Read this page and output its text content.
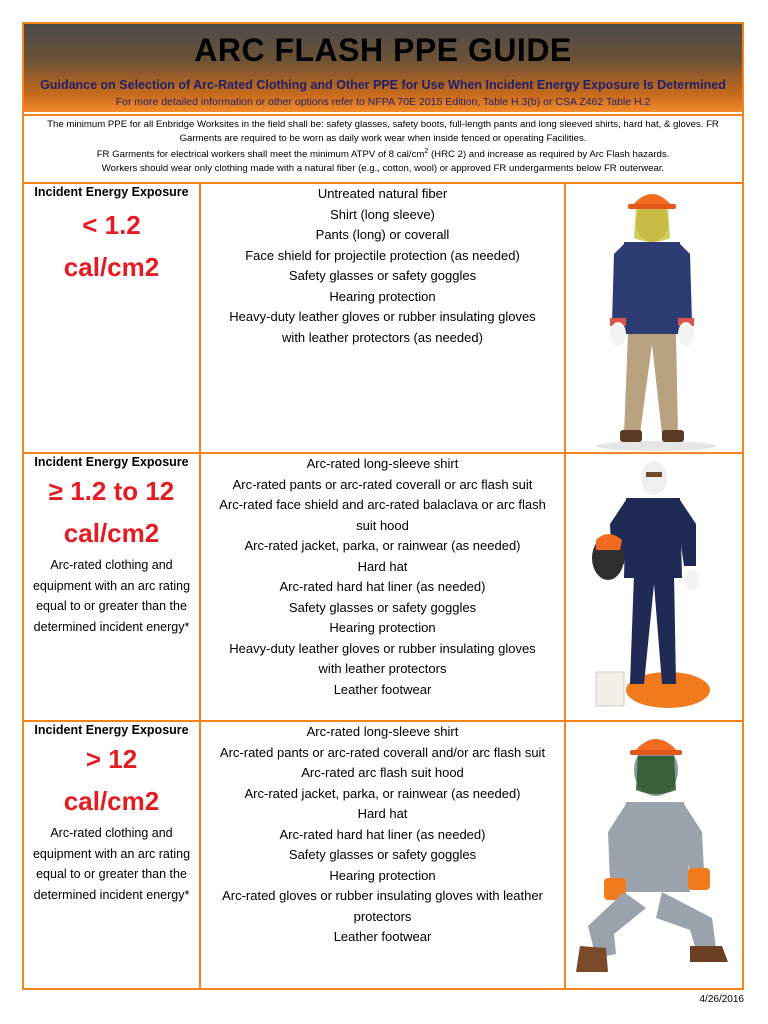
ARC FLASH PPE GUIDE
Guidance on Selection of Arc-Rated Clothing and Other PPE for Use When Incident Energy Exposure Is Determined
For more detailed information or other options refer to NFPA 70E 2015 Edition, Table H.3(b) or CSA Z462 Table H.2
The minimum PPE for all Enbridge Worksites in the field shall be: safety glasses, safety boots, full-length pants and long sleeved shirts, hard hat, & gloves. FR Garments are required to be worn as daily work wear when inside fenced or operating Facilities.
FR Garments for electrical workers shall meet the minimum ATPV of 8 cal/$cm^2$ (HRC 2) and increase as required by Arc Flash hazards.
Workers should wear only clothing made with a natural fiber (e.g., cotton, wool) or approved FR undergarments below FR outerwear.
Incident Energy Exposure
< 1.2
cal/cm2
Untreated natural fiber
Shirt (long sleeve)
Pants (long) or coverall
Face shield for projectile protection (as needed)
Safety glasses or safety goggles
Hearing protection
Heavy-duty leather gloves or rubber insulating gloves
with leather protectors (as needed)
Incident Energy Exposure
≥ 1.2 to 12
cal/cm2
Arc-rated clothing and equipment with an arc rating equal to or greater than the determined incident energy*
Arc-rated long-sleeve shirt
Arc-rated pants or arc-rated coverall or arc flash suit
Arc-rated face shield and arc-rated balaclava or arc flash
suit hood
Arc-rated jacket, parka, or rainwear (as needed)
Hard hat
Arc-rated hard hat liner (as needed)
Safety glasses or safety goggles
Hearing protection
Heavy-duty leather gloves or rubber insulating gloves
with leather protectors
Leather footwear
Incident Energy Exposure
> 12
cal/cm2
Arc-rated clothing and equipment with an arc rating equal to or greater than the determined incident energy*
Arc-rated long-sleeve shirt
Arc-rated pants or arc-rated coverall and/or arc flash suit
Arc-rated arc flash suit hood
Arc-rated jacket, parka, or rainwear (as needed)
Hard hat
Arc-rated hard hat liner (as needed)
Safety glasses or safety goggles
Hearing protection
Arc-rated gloves or rubber insulating gloves with leather
protectors
Leather footwear
4/26/2016
